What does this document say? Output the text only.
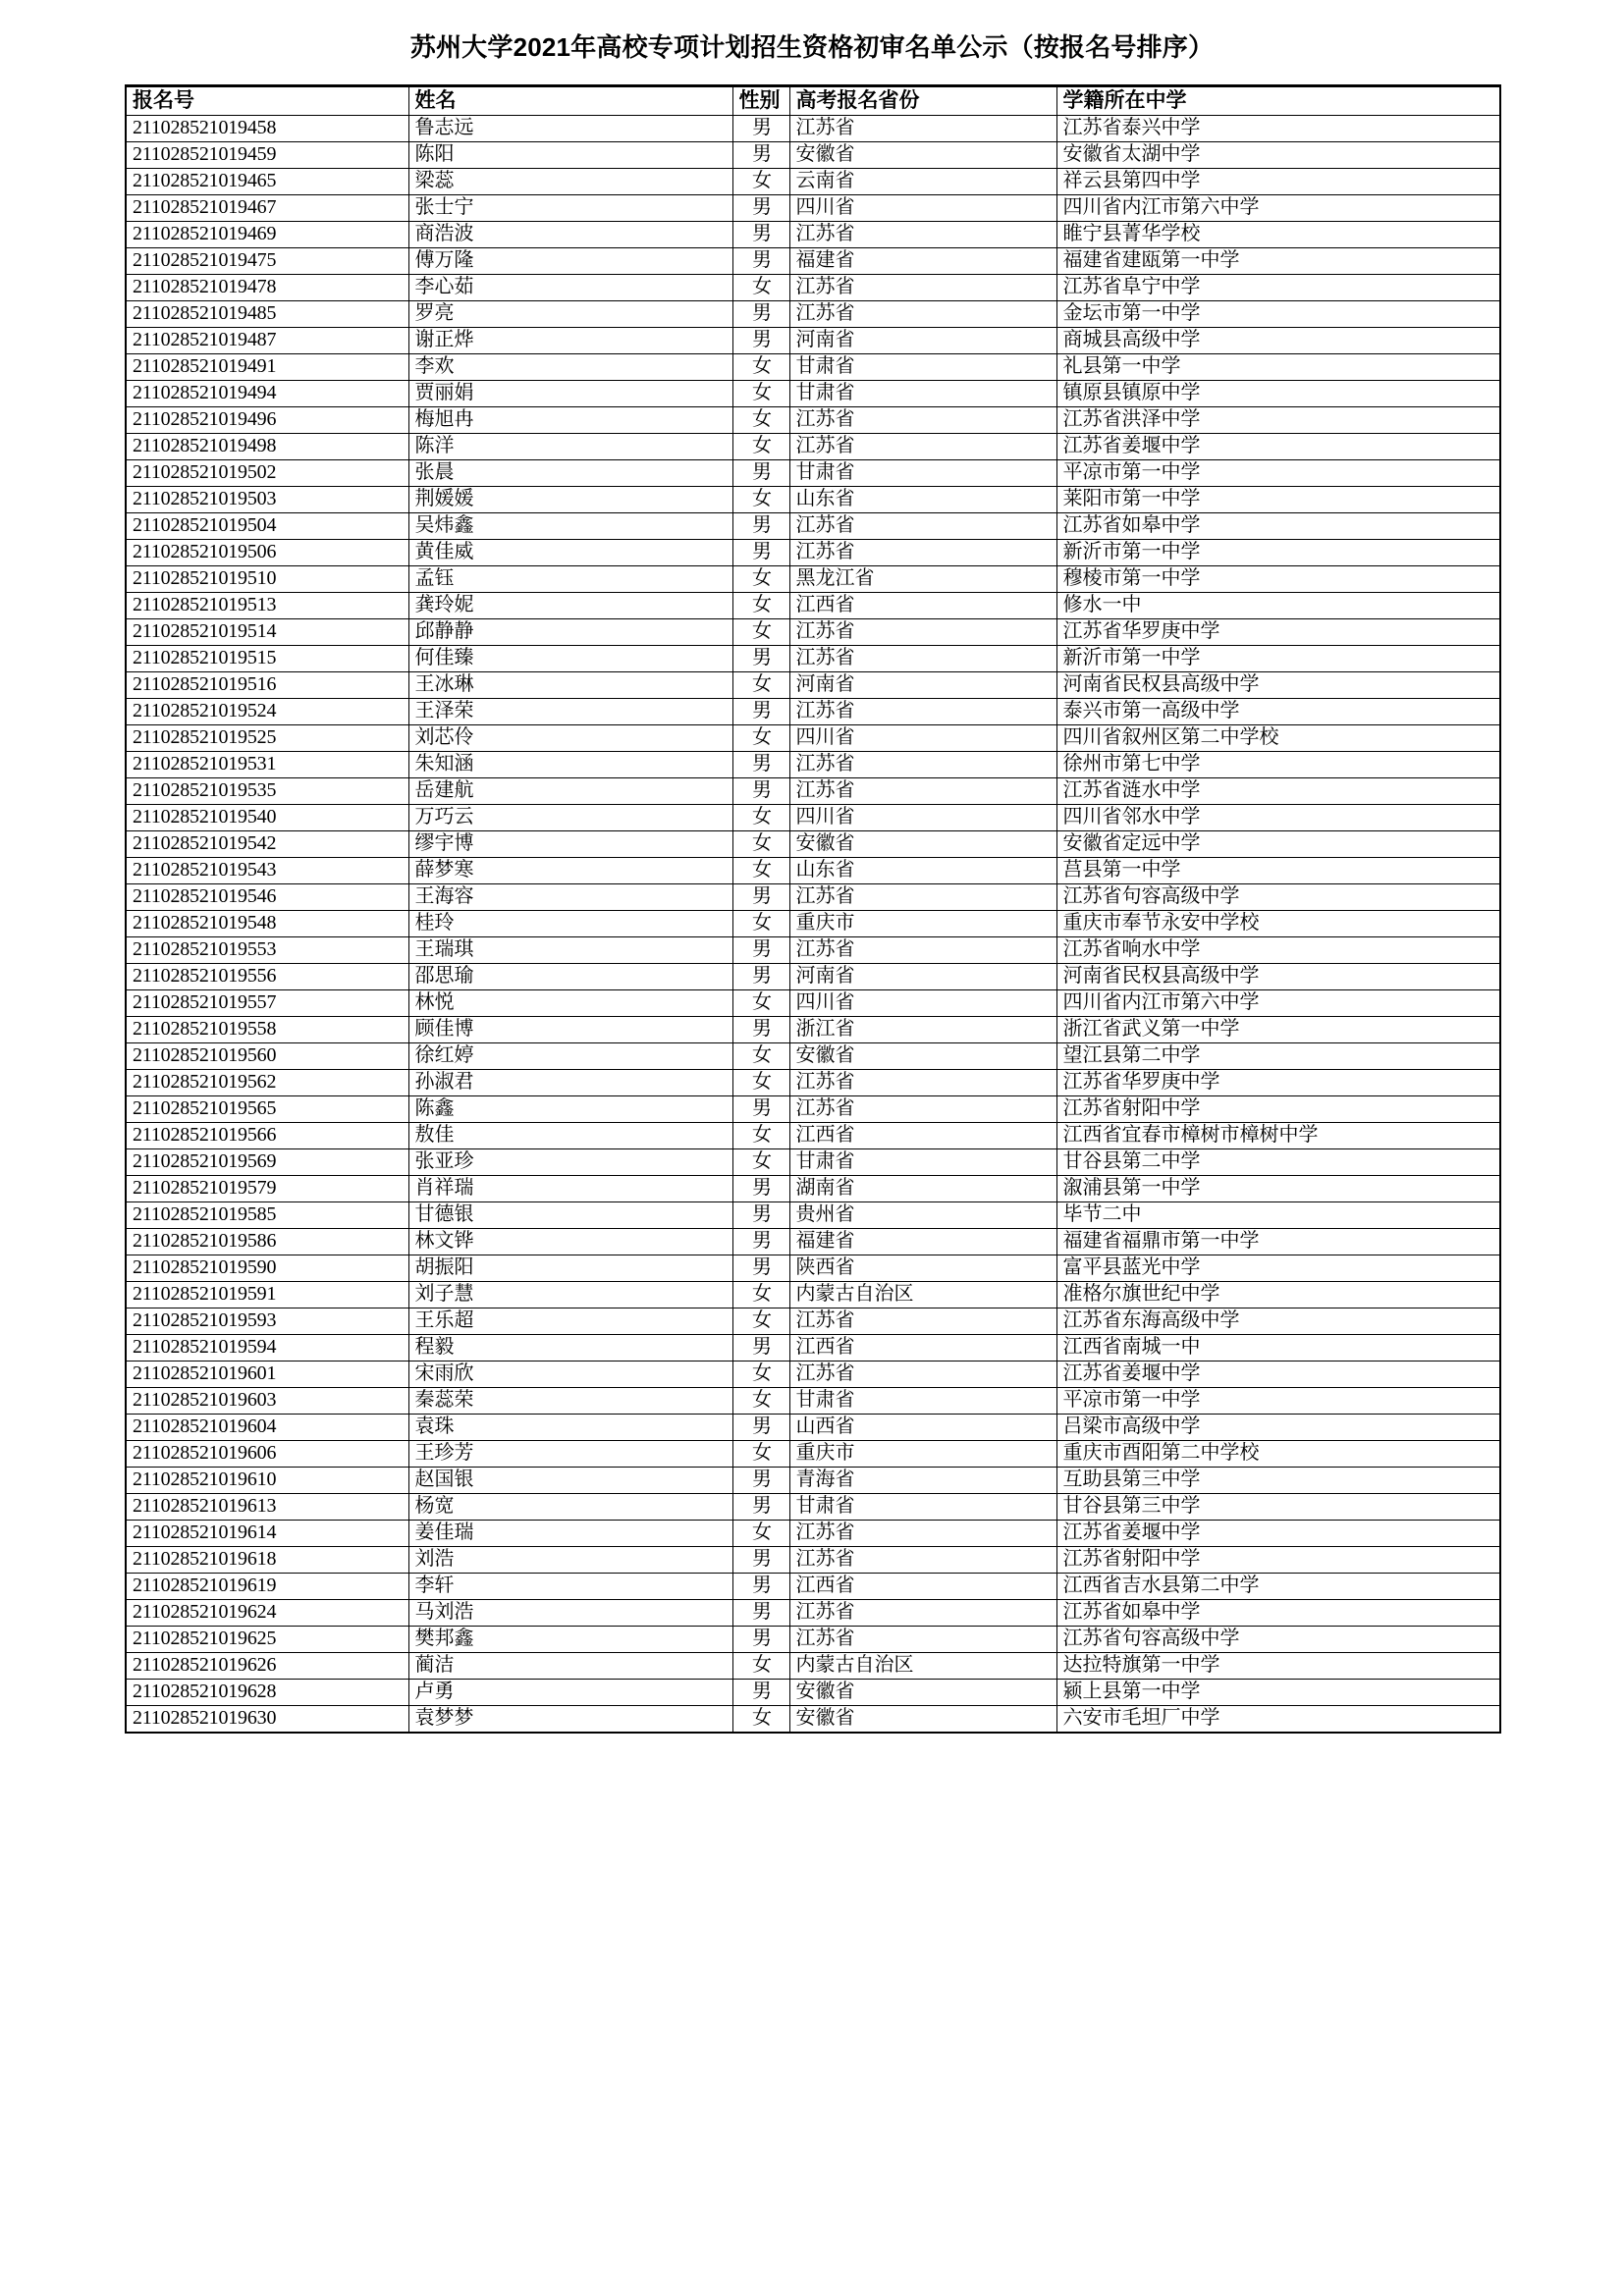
苏州大学2021年高校专项计划招生资格初审名单公示（按报名号排序）
报名号	姓名	性别	高考报名省份	学籍所在中学
211028521019458	鲁志远	男	江苏省	江苏省泰兴中学
211028521019459	陈阳	男	安徽省	安徽省太湖中学
211028521019465	梁蕊	女	云南省	祥云县第四中学
211028521019467	张士宁	男	四川省	四川省内江市第六中学
211028521019469	商浩波	男	江苏省	睢宁县菁华学校
211028521019475	傅万隆	男	福建省	福建省建瓯第一中学
211028521019478	李心茹	女	江苏省	江苏省阜宁中学
211028521019485	罗亮	男	江苏省	金坛市第一中学
211028521019487	谢正烨	男	河南省	商城县高级中学
211028521019491	李欢	女	甘肃省	礼县第一中学
211028521019494	贾丽娟	女	甘肃省	镇原县镇原中学
211028521019496	梅旭冉	女	江苏省	江苏省洪泽中学
211028521019498	陈洋	女	江苏省	江苏省姜堰中学
211028521019502	张晨	男	甘肃省	平凉市第一中学
211028521019503	荆媛媛	女	山东省	莱阳市第一中学
211028521019504	吴炜鑫	男	江苏省	江苏省如皋中学
211028521019506	黄佳威	男	江苏省	新沂市第一中学
211028521019510	孟钰	女	黑龙江省	穆棱市第一中学
211028521019513	龚玲妮	女	江西省	修水一中
211028521019514	邱静静	女	江苏省	江苏省华罗庚中学
211028521019515	何佳臻	男	江苏省	新沂市第一中学
211028521019516	王冰琳	女	河南省	河南省民权县高级中学
211028521019524	王泽荣	男	江苏省	泰兴市第一高级中学
211028521019525	刘芯伶	女	四川省	四川省叙州区第二中学校
211028521019531	朱知涵	男	江苏省	徐州市第七中学
211028521019535	岳建航	男	江苏省	江苏省涟水中学
211028521019540	万巧云	女	四川省	四川省邻水中学
211028521019542	缪宇博	女	安徽省	安徽省定远中学
211028521019543	薛梦寒	女	山东省	莒县第一中学
211028521019546	王海容	男	江苏省	江苏省句容高级中学
211028521019548	桂玲	女	重庆市	重庆市奉节永安中学校
211028521019553	王瑞琪	男	江苏省	江苏省响水中学
211028521019556	邵思瑜	男	河南省	河南省民权县高级中学
211028521019557	林悦	女	四川省	四川省内江市第六中学
211028521019558	顾佳博	男	浙江省	浙江省武义第一中学
211028521019560	徐红婷	女	安徽省	望江县第二中学
211028521019562	孙淑君	女	江苏省	江苏省华罗庚中学
211028521019565	陈鑫	男	江苏省	江苏省射阳中学
211028521019566	敖佳	女	江西省	江西省宜春市樟树市樟树中学
211028521019569	张亚珍	女	甘肃省	甘谷县第二中学
211028521019579	肖祥瑞	男	湖南省	溆浦县第一中学
211028521019585	甘德银	男	贵州省	毕节二中
211028521019586	林文铧	男	福建省	福建省福鼎市第一中学
211028521019590	胡振阳	男	陕西省	富平县蓝光中学
211028521019591	刘子慧	女	内蒙古自治区	准格尔旗世纪中学
211028521019593	王乐超	女	江苏省	江苏省东海高级中学
211028521019594	程毅	男	江西省	江西省南城一中
211028521019601	宋雨欣	女	江苏省	江苏省姜堰中学
211028521019603	秦蕊荣	女	甘肃省	平凉市第一中学
211028521019604	袁珠	男	山西省	吕梁市高级中学
211028521019606	王珍芳	女	重庆市	重庆市酉阳第二中学校
211028521019610	赵国银	男	青海省	互助县第三中学
211028521019613	杨宽	男	甘肃省	甘谷县第三中学
211028521019614	姜佳瑞	女	江苏省	江苏省姜堰中学
211028521019618	刘浩	男	江苏省	江苏省射阳中学
211028521019619	李轩	男	江西省	江西省吉水县第二中学
211028521019624	马刘浩	男	江苏省	江苏省如皋中学
211028521019625	樊邦鑫	男	江苏省	江苏省句容高级中学
211028521019626	蔺洁	女	内蒙古自治区	达拉特旗第一中学
211028521019628	卢勇	男	安徽省	颍上县第一中学
211028521019630	袁梦梦	女	安徽省	六安市毛坦厂中学
